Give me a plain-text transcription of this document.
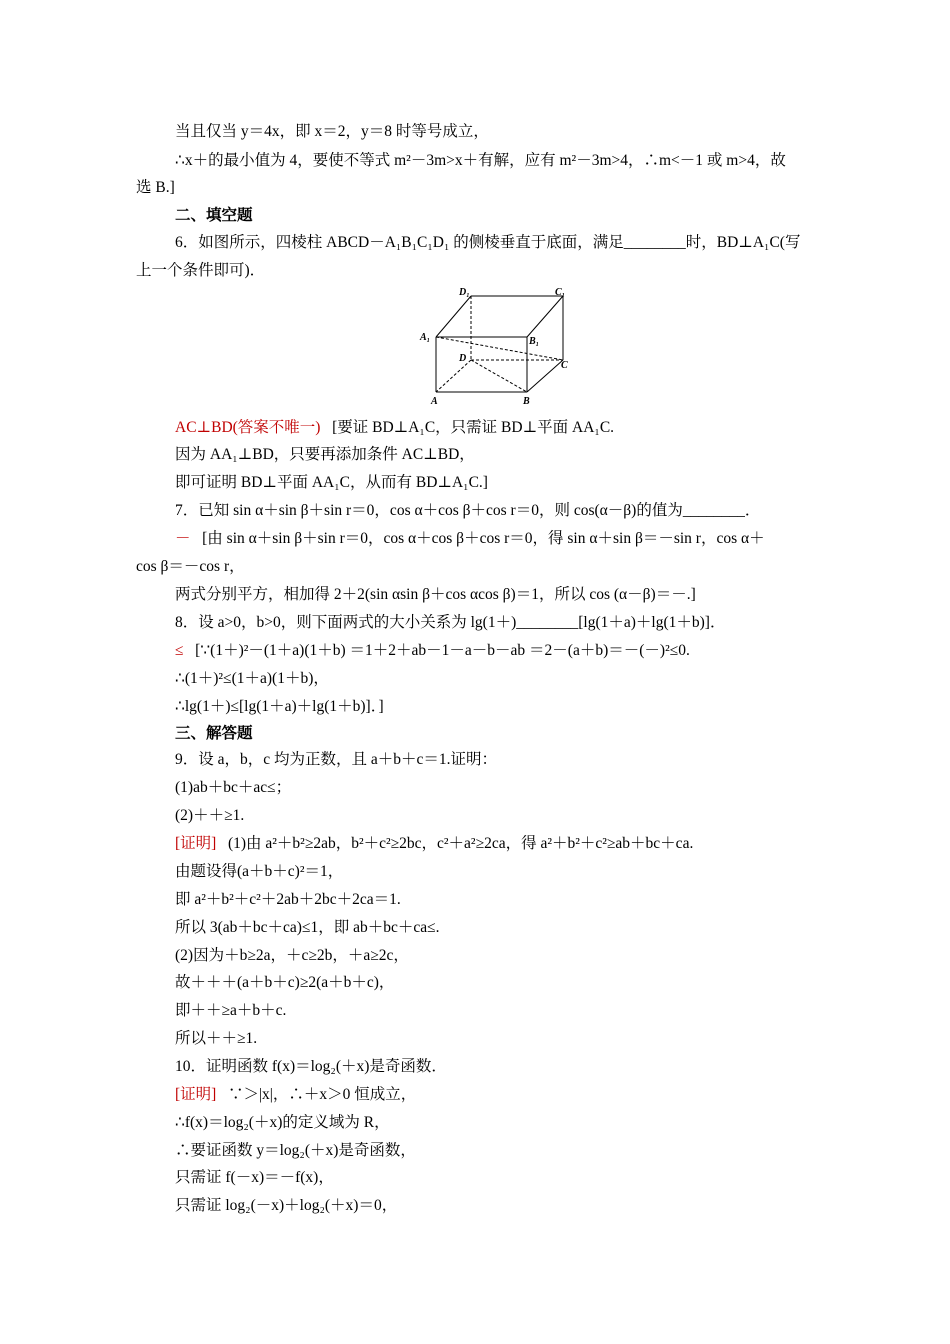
当且仅当 y＝4x，即 x＝2，y＝8 时等号成立，
∴x＋的最小值为 4，要使不等式 m²－3m>x＋有解，应有 m²－3m>4，∴m<－1 或 m>4，故
选 B.]
二、填空题
6．如图所示，四棱柱 ABCD－A₁B₁C₁D₁ 的侧棱垂直于底面，满足________时，BD⊥A₁C(写
上一个条件即可)．
D₁	C₁
A₁	B₁
D
C
A	B
AC⊥BD(答案不唯一) [要证 BD⊥A₁C，只需证 BD⊥平面 AA₁C.
因为 AA₁⊥BD，只要再添加条件 AC⊥BD，
即可证明 BD⊥平面 AA₁C，从而有 BD⊥A₁C.]
7．已知 sin α＋sin β＋sin r＝0，cos α＋cos β＋cos r＝0，则 cos(α－β)的值为________．
－ [由 sin α＋sin β＋sin r＝0，cos α＋cos β＋cos r＝0，得 sin α＋sin β＝－sin r，cos α＋
cos β＝－cos r，
两式分别平方，相加得 2＋2(sin αsin β＋cos αcos β)＝1，所以 cos (α－β)＝－.]
8．设 a>0，b>0，则下面两式的大小关系为 lg(1＋)________[lg(1＋a)＋lg(1＋b)]．
≤ [∵(1＋)²－(1＋a)(1＋b) ＝1＋2＋ab－1－a－b－ab ＝2－(a＋b)＝－(－)²≤0.
∴(1＋)²≤(1＋a)(1＋b)，
∴lg(1＋)≤[lg(1＋a)＋lg(1＋b)]．]
三、解答题
9．设 a，b，c 均为正数，且 a＋b＋c＝1.证明：
(1)ab＋bc＋ac≤；
(2)＋＋≥1.
[证明] (1)由 a²＋b²≥2ab，b²＋c²≥2bc，c²＋a²≥2ca，得 a²＋b²＋c²≥ab＋bc＋ca.
由题设得(a＋b＋c)²＝1，
即 a²＋b²＋c²＋2ab＋2bc＋2ca＝1.
所以 3(ab＋bc＋ca)≤1，即 ab＋bc＋ca≤.
(2)因为＋b≥2a，＋c≥2b，＋a≥2c，
故＋＋＋(a＋b＋c)≥2(a＋b＋c)，
即＋＋≥a＋b＋c.
所以＋＋≥1.
10．证明函数 f(x)＝log₂(＋x)是奇函数．
[证明] ∵＞|x|，∴＋x＞0 恒成立，
∴f(x)＝log₂(＋x)的定义域为 R，
∴要证函数 y＝log₂(＋x)是奇函数，
只需证 f(－x)＝－f(x)，
只需证 log₂(－x)＋log₂(＋x)＝0，
